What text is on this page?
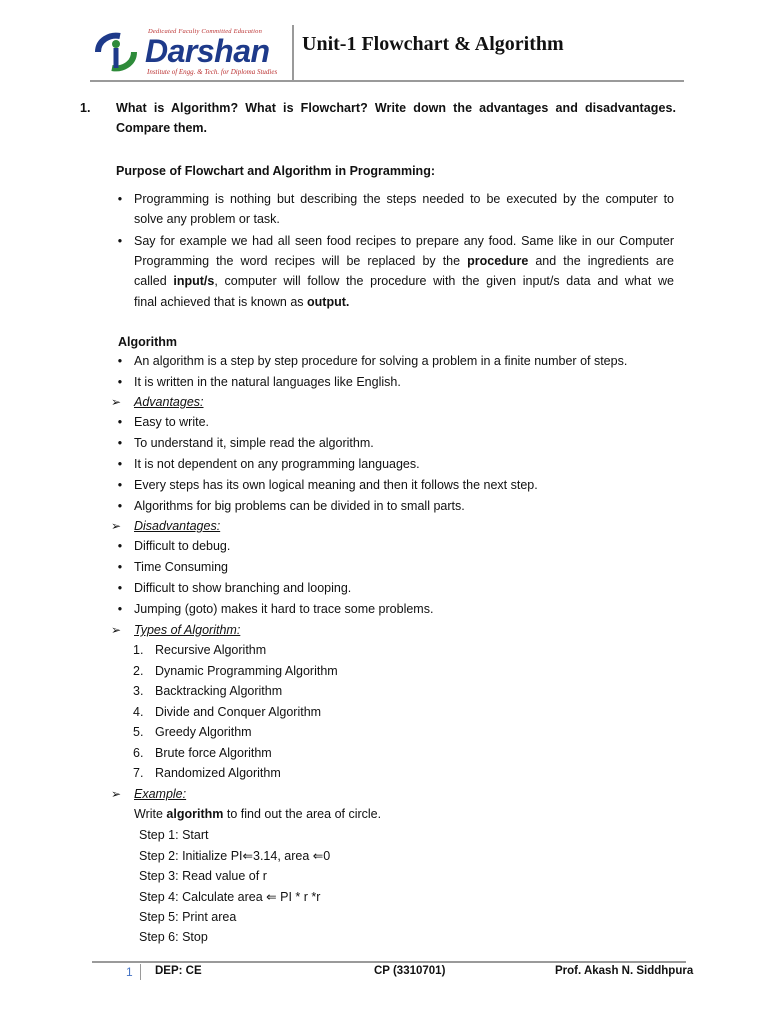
Dedicated Faculty Committed Education
Darshan
Institute of Engg. & Tech. for Diploma Studies
Unit-1 Flowchart & Algorithm
1. What is Algorithm? What is Flowchart? Write down the advantages and disadvantages.
Compare them.
Purpose of Flowchart and Algorithm in Programming:
• Programming is nothing but describing the steps needed to be executed by the computer to
solve any problem or task.
• Say for example we had all seen food recipes to prepare any food. Same like in our Computer
Programming the word recipes will be replaced by the procedure and the ingredients are
called input/s, computer will follow the procedure with the given input/s data and what we
final achieved that is known as output.
Algorithm
• An algorithm is a step by step procedure for solving a problem in a finite number of steps.
• It is written in the natural languages like English.
➢ Advantages:
• Easy to write.
• To understand it, simple read the algorithm.
• It is not dependent on any programming languages.
• Every steps has its own logical meaning and then it follows the next step.
• Algorithms for big problems can be divided in to small parts.
➢ Disadvantages:
• Difficult to debug.
• Time Consuming
• Difficult to show branching and looping.
• Jumping (goto) makes it hard to trace some problems.
➢ Types of Algorithm:
1. Recursive Algorithm
2. Dynamic Programming Algorithm
3. Backtracking Algorithm
4. Divide and Conquer Algorithm
5. Greedy Algorithm
6. Brute force Algorithm
7. Randomized Algorithm
➢ Example:
Write algorithm to find out the area of circle.
Step 1: Start
Step 2: Initialize PI⇐3.14, area ⇐0
Step 3: Read value of r
Step 4: Calculate area ⇐ PI * r *r
Step 5: Print area
Step 6: Stop
1 DEP: CE	CP (3310701)	Prof. Akash N. Siddhpura
